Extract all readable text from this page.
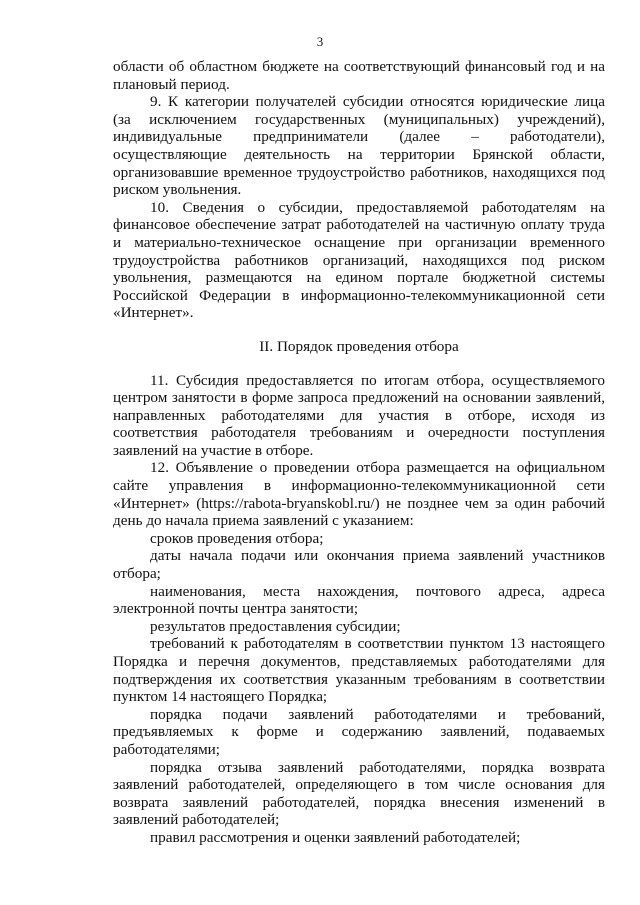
3

области об областном бюджете на соответствующий финансовый год и на плановый период.

9. К категории получателей субсидии относятся юридические лица (за исключением государственных (муниципальных) учреждений), индивидуальные предприниматели (далее – работодатели), осуществляющие деятельность на территории Брянской области, организовавшие временное трудоустройство работников, находящихся под риском увольнения.

10. Сведения о субсидии, предоставляемой работодателям на финансовое обеспечение затрат работодателей на частичную оплату труда и материально-техническое оснащение при организации временного трудоустройства работников организаций, находящихся под риском увольнения, размещаются на едином портале бюджетной системы Российской Федерации в информационно-телекоммуникационной сети «Интернет».

II. Порядок проведения отбора

11. Субсидия предоставляется по итогам отбора, осуществляемого центром занятости в форме запроса предложений на основании заявлений, направленных работодателями для участия в отборе, исходя из соответствия работодателя требованиям и очередности поступления заявлений на участие в отборе.

12. Объявление о проведении отбора размещается на официальном сайте управления в информационно-телекоммуникационной сети «Интернет» (https://rabota-bryanskobl.ru/) не позднее чем за один рабочий день до начала приема заявлений с указанием:

сроков проведения отбора;

даты начала подачи или окончания приема заявлений участников отбора;

наименования, места нахождения, почтового адреса, адреса электронной почты центра занятости;

результатов предоставления субсидии;

требований к работодателям в соответствии пунктом 13 настоящего Порядка и перечня документов, представляемых работодателями для подтверждения их соответствия указанным требованиям в соответствии пунктом 14 настоящего Порядка;

порядка подачи заявлений работодателями и требований, предъявляемых к форме и содержанию заявлений, подаваемых работодателями;

порядка отзыва заявлений работодателями, порядка возврата заявлений работодателей, определяющего в том числе основания для возврата заявлений работодателей, порядка внесения изменений в заявлений работодателей;

правил рассмотрения и оценки заявлений работодателей;
